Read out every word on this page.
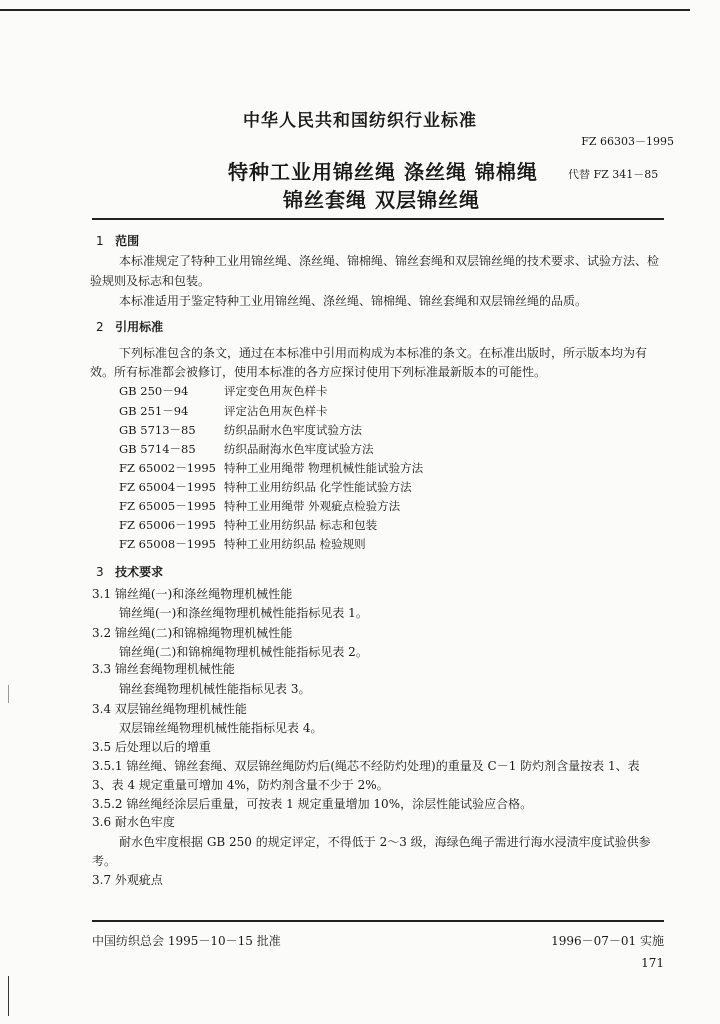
中华人民共和国纺织行业标准
FZ 66303－1995
特种工业用锦丝绳 涤丝绳 锦棉绳
锦丝套绳 双层锦丝绳
代替 FZ 341－85
1 范围
本标准规定了特种工业用锦丝绳、涤丝绳、锦棉绳、锦丝套绳和双层锦丝绳的技术要求、试验方法、检
验规则及标志和包装。
本标准适用于鉴定特种工业用锦丝绳、涤丝绳、锦棉绳、锦丝套绳和双层锦丝绳的品质。
2 引用标准
下列标准包含的条文，通过在本标准中引用而构成为本标准的条文。在标准出版时，所示版本均为有
效。所有标准都会被修订，使用本标准的各方应探讨使用下列标准最新版本的可能性。
GB 250－94	评定变色用灰色样卡
GB 251－94	评定沾色用灰色样卡
GB 5713－85 纺织品耐水色牢度试验方法
GB 5714－85 纺织品耐海水色牢度试验方法
FZ 65002－1995 特种工业用绳带 物理机械性能试验方法
FZ 65004－1995 特种工业用纺织品 化学性能试验方法
FZ 65005－1995 特种工业用绳带 外观疵点检验方法
FZ 65006－1995 特种工业用纺织品 标志和包装
FZ 65008－1995 特种工业用纺织品 检验规则
3 技术要求
3.1 锦丝绳(一)和涤丝绳物理机械性能
锦丝绳(一)和涤丝绳物理机械性能指标见表 1。
3.2 锦丝绳(二)和锦棉绳物理机械性能
锦丝绳(二)和锦棉绳物理机械性能指标见表 2。
3.3 锦丝套绳物理机械性能
锦丝套绳物理机械性能指标见表 3。
3.4 双层锦丝绳物理机械性能
双层锦丝绳物理机械性能指标见表 4。
3.5 后处理以后的增重
3.5.1 锦丝绳、锦丝套绳、双层锦丝绳防灼后(绳芯不经防灼处理)的重量及 C－1 防灼剂含量按表 1、表
3、表 4 规定重量可增加 4%，防灼剂含量不少于 2%。
3.5.2 锦丝绳经涂层后重量，可按表 1 规定重量增加 10%，涂层性能试验应合格。
3.6 耐水色牢度
耐水色牢度根据 GB 250 的规定评定，不得低于 2～3 级，海绿色绳子需进行海水浸渍牢度试验供参
考。
3.7 外观疵点
中国纺织总会 1995－10－15 批准	1996－07－01 实施
171
